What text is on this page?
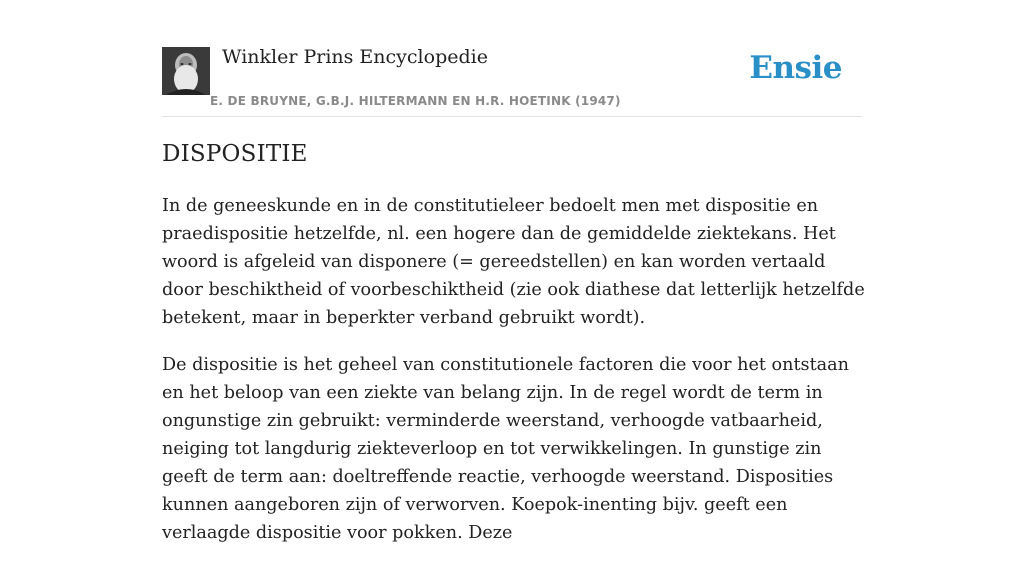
Winkler Prins Encyclopedie
E. DE BRUYNE, G.B.J. HILTERMANN EN H.R. HOETINK (1947)
Ensie
DISPOSITIE

In de geneeskunde en in de constitutieleer bedoelt men met dispositie en praedispositie hetzelfde, nl. een hogere dan de gemiddelde ziektekans. Het woord is afgeleid van disponere (= gereedstellen) en kan worden vertaald door beschiktheid of voorbeschiktheid (zie ook diathese dat letterlijk hetzelfde betekent, maar in beperkter verband gebruikt wordt).

De dispositie is het geheel van constitutionele factoren die voor het ontstaan en het beloop van een ziekte van belang zijn. In de regel wordt de term in ongunstige zin gebruikt: verminderde weerstand, verhoogde vatbaarheid, neiging tot langdurig ziekteverloop en tot verwikkelingen. In gunstige zin geeft de term aan: doeltreffende reactie, verhoogde weerstand. Disposities kunnen aangeboren zijn of verworven. Koepok-inenting bijv. geeft een verlaagde dispositie voor pokken. Deze
